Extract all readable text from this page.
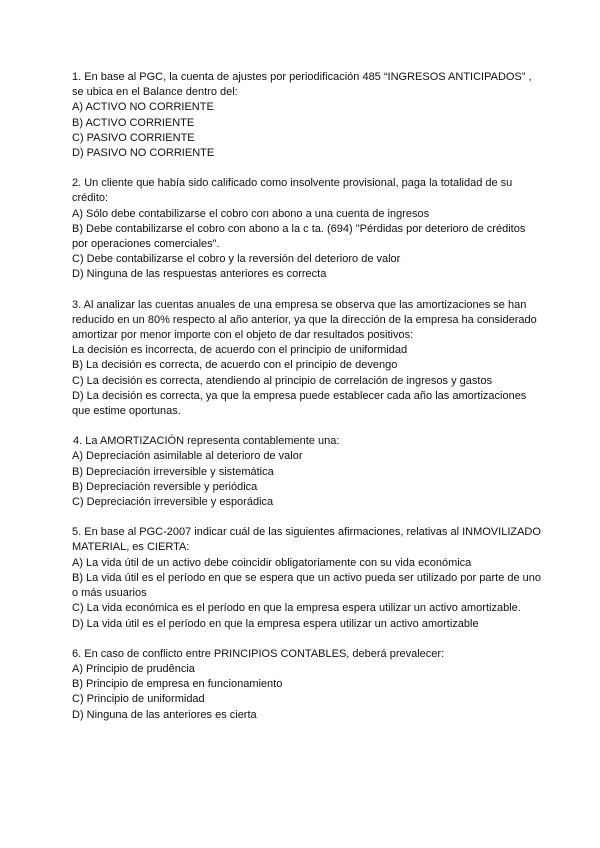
1. En base al PGC, la cuenta de ajustes por periodificación 485 “INGRESOS ANTICIPADOS” , se ubica en el Balance dentro del:
A) ACTIVO NO CORRIENTE
B) ACTIVO CORRIENTE
C) PASIVO CORRIENTE
D) PASIVO NO CORRIENTE
2. Un cliente que había sido calificado como insolvente provisional, paga la totalidad de su crédito:
A) Sólo debe contabilizarse el cobro con abono a una cuenta de ingresos
B) Debe contabilizarse el cobro con abono a la c ta. (694) "Pérdidas por deterioro de créditos por operaciones comerciales".
C) Debe contabilizarse el cobro y la reversión del deterioro de valor
D) Ninguna de las respuestas anteriores es correcta
3. Al analizar las cuentas anuales de una empresa se observa que las amortizaciones se han reducido en un 80% respecto al año anterior, ya que la dirección de la empresa ha considerado amortizar por menor importe con el objeto de dar resultados positivos:
La decisión es incorrecta, de acuerdo con el principio de uniformidad
B) La decisión es correcta, de acuerdo con el principio de devengo
C) La decisión es correcta, atendiendo al principio de correlación de ingresos y gastos
D) La decisión es correcta, ya que la empresa puede establecer cada año las amortizaciones que estime oportunas.
4. La AMORTIZACIÓN representa contablemente una:
A) Depreciación asimilable al deterioro de valor
B) Depreciación irreversible y sistemática
B) Depreciación reversible y periódica
C) Depreciación irreversible y esporádica
5. En base al PGC-2007 indicar cuál de las siguientes afirmaciones, relativas al INMOVILIZADO MATERIAL, es CIERTA:
A) La vida útil de un activo debe coincidir obligatoriamente con su vida económica
B) La vida útil es el período en que se espera que un activo pueda ser utilizado por parte de uno o más usuarios
C) La vida económica es el período en que la empresa espera utilizar un activo amortizable.
D) La vida útil es el período en que la empresa espera utilizar un activo amortizable
6. En caso de conflicto entre PRINCIPIOS CONTABLES, deberá prevalecer:
A) Principio de prudência
B) Principio de empresa en funcionamiento
C) Principio de uniformidad
D) Ninguna de las anteriores es cierta
